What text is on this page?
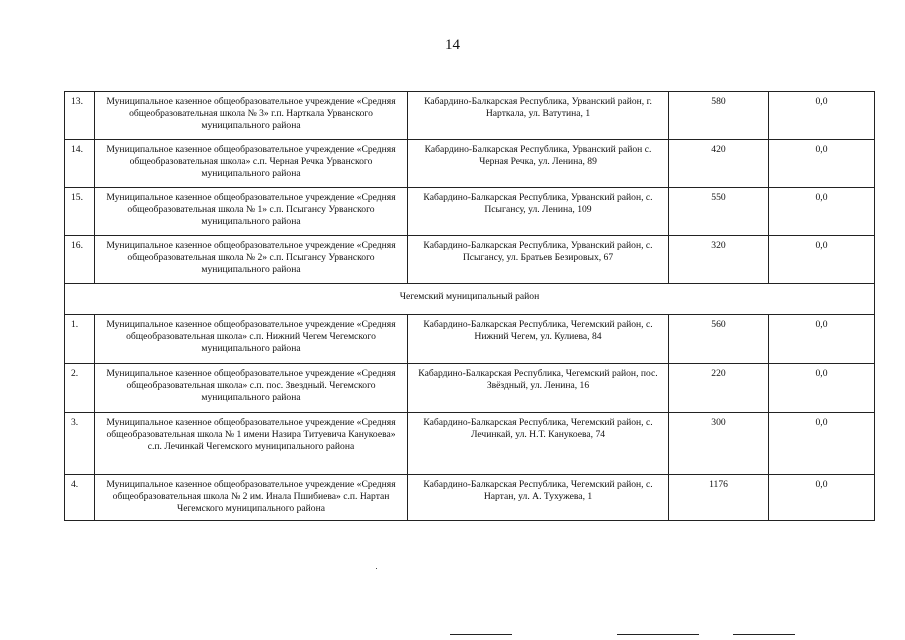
14
13.	Муниципальное казенное общеобразовательное учреждение «Средняя общеобразовательная школа № 3» г.п. Нарткала Урванского муниципального района	Кабардино-Балкарская Республика, Урванский район, г. Нарткала, ул. Ватутина, 1	580	0,0
14.	Муниципальное казенное общеобразовательное учреждение «Средняя общеобразовательная школа» с.п. Черная Речка Урванского муниципального района	Кабардино-Балкарская Республика, Урванский район с. Черная Речка, ул. Ленина, 89	420	0,0
15.	Муниципальное казенное общеобразовательное учреждение «Средняя общеобразовательная школа № 1» с.п. Псыгансу Урванского муниципального района	Кабардино-Балкарская Республика, Урванский район, с. Псыгансу, ул. Ленина, 109	550	0,0
16.	Муниципальное казенное общеобразовательное учреждение «Средняя общеобразовательная школа № 2» с.п. Псыгансу Урванского муниципального района	Кабардино-Балкарская Республика, Урванский район, с. Псыгансу, ул. Братьев Безировых, 67	320	0,0
Чегемский муниципальный район				
1.	Муниципальное казенное общеобразовательное учреждение «Средняя общеобразовательная школа» с.п. Нижний Чегем Чегемского муниципального района	Кабардино-Балкарская Республика, Чегемский район, с. Нижний Чегем, ул. Кулиева, 84	560	0,0
2.	Муниципальное казенное общеобразовательное учреждение «Средняя общеобразовательная школа» с.п. пос. Звездный. Чегемского муниципального района	Кабардино-Балкарская Республика, Чегемский район, пос. Звёздный, ул. Ленина, 16	220	0,0
3.	Муниципальное казенное общеобразовательное учреждение «Средняя общеобразовательная школа № 1 имени Назира Титуевича Канукоева» с.п. Лечинкай Чегемского муниципального района	Кабардино-Балкарская Республика, Чегемский район, с. Лечинкай, ул. Н.Т. Канукоева, 74	300	0,0
4.	Муниципальное казенное общеобразовательное учреждение «Средняя общеобразовательная школа № 2 им. Инала Пшибиева» с.п. Нартан Чегемского муниципального района	Кабардино-Балкарская Республика, Чегемский район, с. Нартан, ул. А. Тухужева, 1	1176	0,0
